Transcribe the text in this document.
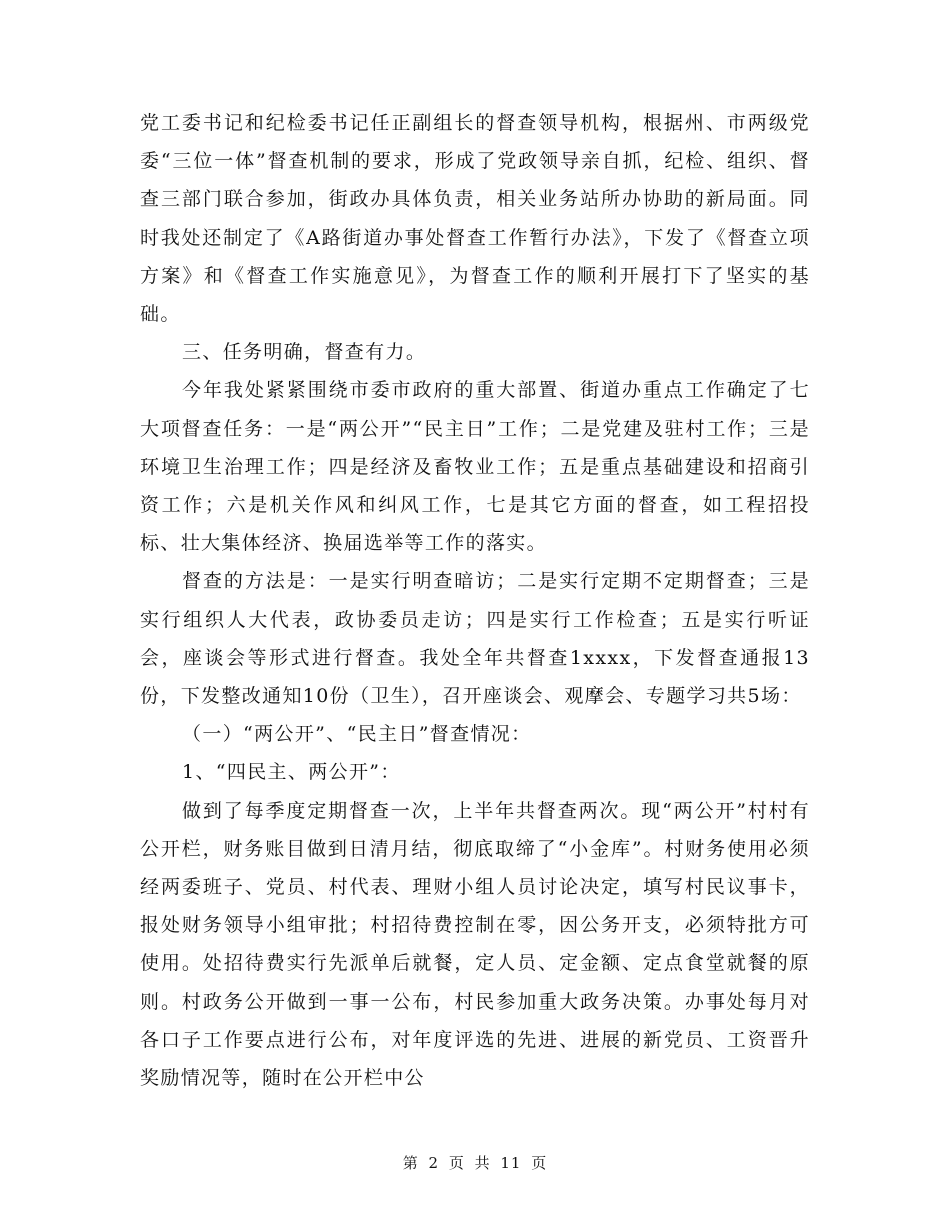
党工委书记和纪检委书记任正副组长的督查领导机构，根据州、市两级党委“三位一体”督查机制的要求，形成了党政领导亲自抓，纪检、组织、督查三部门联合参加，街政办具体负责，相关业务站所办协助的新局面。同时我处还制定了《A路街道办事处督查工作暂行办法》，下发了《督查立项方案》和《督查工作实施意见》，为督查工作的顺利开展打下了坚实的基础。

三、任务明确，督查有力。

今年我处紧紧围绕市委市政府的重大部置、街道办重点工作确定了七大项督查任务：一是“两公开”“民主日”工作；二是党建及驻村工作；三是环境卫生治理工作；四是经济及畜牧业工作；五是重点基础建设和招商引资工作；六是机关作风和纠风工作，七是其它方面的督查，如工程招投标、壮大集体经济、换届选举等工作的落实。

督查的方法是：一是实行明查暗访；二是实行定期不定期督查；三是实行组织人大代表，政协委员走访；四是实行工作检查；五是实行听证会，座谈会等形式进行督查。我处全年共督查1xxxx，下发督查通报13份，下发整改通知10份（卫生），召开座谈会、观摩会、专题学习共5场：

（一）“两公开”、“民主日”督查情况：

1、“四民主、两公开”：

做到了每季度定期督查一次，上半年共督查两次。现“两公开”村村有公开栏，财务账目做到日清月结，彻底取缔了“小金库”。村财务使用必须经两委班子、党员、村代表、理财小组人员讨论决定，填写村民议事卡，报处财务领导小组审批；村招待费控制在零，因公务开支，必须特批方可使用。处招待费实行先派单后就餐，定人员、定金额、定点食堂就餐的原则。村政务公开做到一事一公布，村民参加重大政务决策。办事处每月对各口子工作要点进行公布，对年度评选的先进、进展的新党员、工资晋升奖励情况等，随时在公开栏中公

第 2 页 共 11 页
